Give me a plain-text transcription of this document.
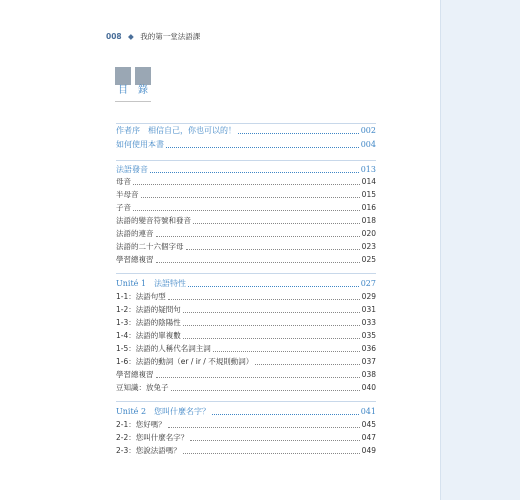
008 ◆ 我的第一堂法語課
目	錄
作者序　相信自己，你也可以的！	002
如何使用本書	004
法語發音	013
母音	014
半母音	015
子音	016
法語的變音符號和發音	018
法語的連音	020
法語的二十六個字母	023
學習總複習	025
Unité 1　法語特性	027
1-1：法語句型	029
1-2：法語的疑問句	031
1-3：法語的陰陽性	033
1-4：法語的單複數	035
1-5：法語的人稱代名詞主詞	036
1-6：法語的動詞（er / ir / 不規則動詞）	037
學習總複習	038
豆知識：放兔子	040
Unité 2　您叫什麼名字？	041
2-1：您好嗎？	045
2-2：您叫什麼名字？	047
2-3：您說法語嗎？	049
